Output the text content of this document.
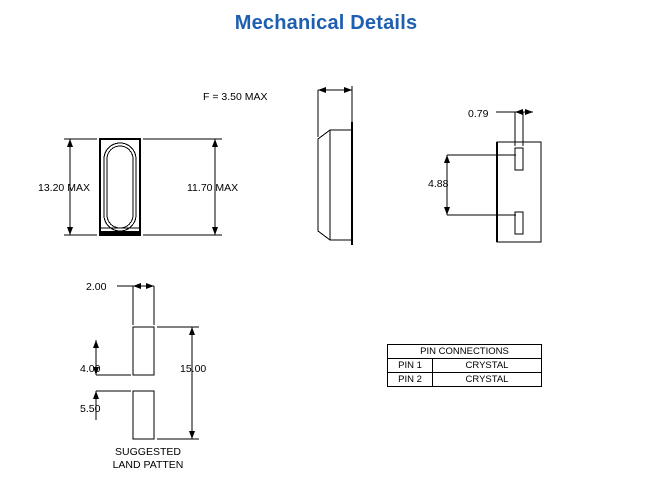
Mechanical Details
13.20 MAX	11.70 MAX
F = 3.50 MAX
0.79
4.88
2.00
4.00
5.50
15.00
SUGGESTED
LAND PATTEN
PIN CONNECTIONS	
PIN 1	CRYSTAL
PIN 2	CRYSTAL
